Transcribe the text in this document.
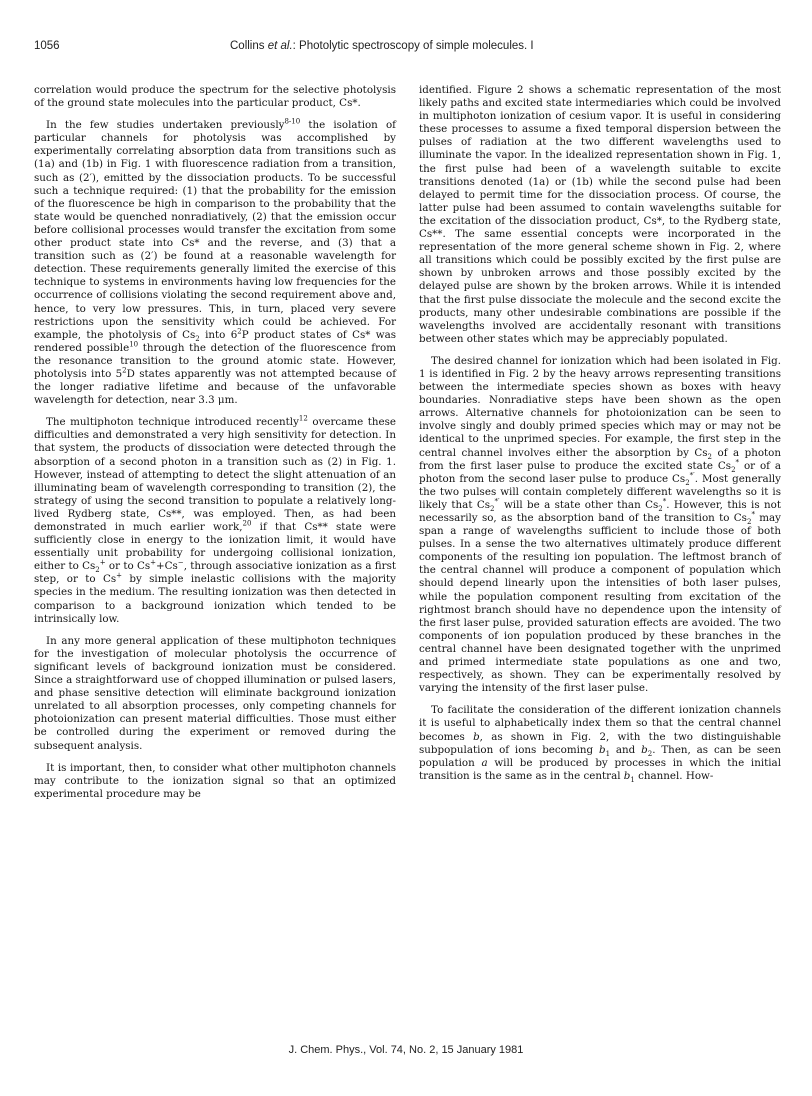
1056	Collins et al.: Photolytic spectroscopy of simple molecules. I

correlation would produce the spectrum for the selective photolysis of the ground state molecules into the particular product, Cs*.

In the few studies undertaken previously$^{8-10}$ the isolation of particular channels for photolysis was accomplished by experimentally correlating absorption data from transitions such as (1a) and (1b) in Fig. 1 with fluorescence radiation from a transition, such as (2′), emitted by the dissociation products. To be successful such a technique required: (1) that the probability for the emission of the fluorescence be high in comparison to the probability that the state would be quenched nonradiatively, (2) that the emission occur before collisional processes would transfer the excitation from some other product state into Cs* and the reverse, and (3) that a transition such as (2′) be found at a reasonable wavelength for detection. These requirements generally limited the exercise of this technique to systems in environments having low frequencies for the occurrence of collisions violating the second requirement above and, hence, to very low pressures. This, in turn, placed very severe restrictions upon the sensitivity which could be achieved. For example, the photolysis of $Cs_2$ into $6^2P$ product states of Cs* was rendered possible$^{10}$ through the detection of the fluorescence from the resonance transition to the ground atomic state. However, photolysis into $5^2D$ states apparently was not attempted because of the longer radiative lifetime and because of the unfavorable wavelength for detection, near 3.3 μm.

The multiphoton technique introduced recently$^{12}$ overcame these difficulties and demonstrated a very high sensitivity for detection. In that system, the products of dissociation were detected through the absorption of a second photon in a transition such as (2) in Fig. 1. However, instead of attempting to detect the slight attenuation of an illuminating beam of wavelength corresponding to transition (2), the strategy of using the second transition to populate a relatively long-lived Rydberg state, Cs**, was employed. Then, as had been demonstrated in much earlier work,$^{20}$ if that Cs** state were sufficiently close in energy to the ionization limit, it would have essentially unit probability for undergoing collisional ionization, either to $Cs_2^+$ or to Cs++Cs−, through associative ionization as a first step, or to Cs+ by simple inelastic collisions with the majority species in the medium. The resulting ionization was then detected in comparison to a background ionization which tended to be intrinsically low.

In any more general application of these multiphoton techniques for the investigation of molecular photolysis the occurrence of significant levels of background ionization must be considered. Since a straightforward use of chopped illumination or pulsed lasers, and phase sensitive detection will eliminate background ionization unrelated to all absorption processes, only competing channels for photoionization can present material difficulties. Those must either be controlled during the experiment or removed during the subsequent analysis.

It is important, then, to consider what other multiphoton channels may contribute to the ionization signal so that an optimized experimental procedure may be

identified. Figure 2 shows a schematic representation of the most likely paths and excited state intermediaries which could be involved in multiphoton ionization of cesium vapor. It is useful in considering these processes to assume a fixed temporal dispersion between the pulses of radiation at the two different wavelengths used to illuminate the vapor. In the idealized representation shown in Fig. 1, the first pulse had been of a wavelength suitable to excite transitions denoted (1a) or (1b) while the second pulse had been delayed to permit time for the dissociation process. Of course, the latter pulse had been assumed to contain wavelengths suitable for the excitation of the dissociation product, Cs*, to the Rydberg state, Cs**. The same essential concepts were incorporated in the representation of the more general scheme shown in Fig. 2, where all transitions which could be possibly excited by the first pulse are shown by unbroken arrows and those possibly excited by the delayed pulse are shown by the broken arrows. While it is intended that the first pulse dissociate the molecule and the second excite the products, many other undesirable combinations are possible if the wavelengths involved are accidentally resonant with transitions between other states which may be appreciably populated.

The desired channel for ionization which had been isolated in Fig. 1 is identified in Fig. 2 by the heavy arrows representing transitions between the intermediate species shown as boxes with heavy boundaries. Nonradiative steps have been shown as the open arrows. Alternative channels for photoionization can be seen to involve singly and doubly primed species which may or may not be identical to the unprimed species. For example, the first step in the central channel involves either the absorption by $Cs_2$ of a photon from the first laser pulse to produce the excited state $Cs_2^*$ or of a photon from the second laser pulse to produce $Cs_2^{*'}$. Most generally the two pulses will contain completely different wavelengths so it is likely that $Cs_2^{*'}$ will be a state other than $Cs_2^*$. However, this is not necessarily so, as the absorption band of the transition to $Cs_2^*$ may span a range of wavelengths sufficient to include those of both pulses. In a sense the two alternatives ultimately produce different components of the resulting ion population. The leftmost branch of the central channel will produce a component of population which should depend linearly upon the intensities of both laser pulses, while the population component resulting from excitation of the rightmost branch should have no dependence upon the intensity of the first laser pulse, provided saturation effects are avoided. The two components of ion population produced by these branches in the central channel have been designated together with the unprimed and primed intermediate state populations as one and two, respectively, as shown. They can be experimentally resolved by varying the intensity of the first laser pulse.

To facilitate the consideration of the different ionization channels it is useful to alphabetically index them so that the central channel becomes b, as shown in Fig. 2, with the two distinguishable subpopulation of ions becoming $b_1$ and $b_2$. Then, as can be seen population a will be produced by processes in which the initial transition is the same as in the central $b_1$ channel. How-

J. Chem. Phys., Vol. 74, No. 2, 15 January 1981
